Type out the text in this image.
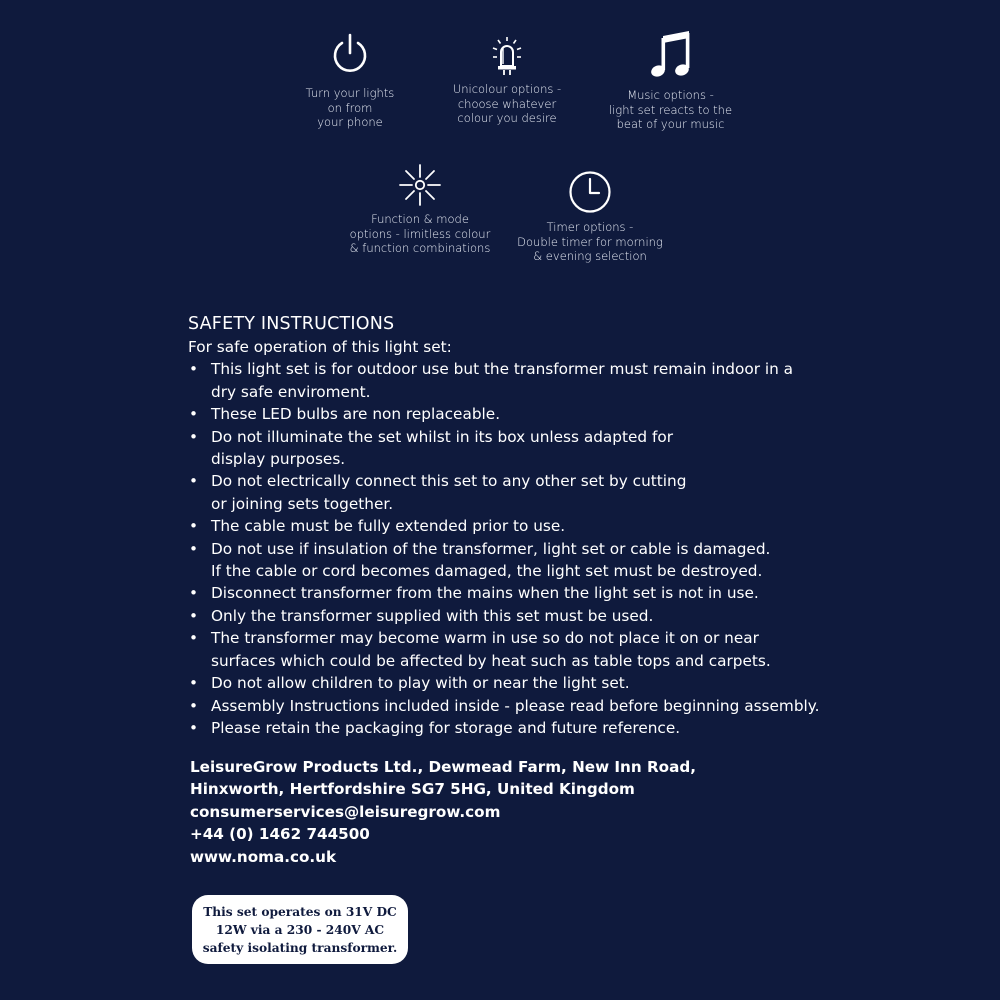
Turn your lights
on from
your phone
Unicolour options -
choose whatever
colour you desire
Music options -
light set reacts to the
beat of your music
Function & mode
options - limitless colour
& function combinations
Timer options -
Double timer for morning
& evening selection
SAFETY INSTRUCTIONS
For safe operation of this light set:
• This light set is for outdoor use but the transformer must remain indoor in a
dry safe enviroment.
• These LED bulbs are non replaceable.
• Do not illuminate the set whilst in its box unless adapted for
display purposes.
• Do not electrically connect this set to any other set by cutting
or joining sets together.
• The cable must be fully extended prior to use.
• Do not use if insulation of the transformer, light set or cable is damaged.
If the cable or cord becomes damaged, the light set must be destroyed.
• Disconnect transformer from the mains when the light set is not in use.
• Only the transformer supplied with this set must be used.
• The transformer may become warm in use so do not place it on or near
surfaces which could be affected by heat such as table tops and carpets.
• Do not allow children to play with or near the light set.
• Assembly Instructions included inside - please read before beginning assembly.
• Please retain the packaging for storage and future reference.
LeisureGrow Products Ltd., Dewmead Farm, New Inn Road,
Hinxworth, Hertfordshire SG7 5HG, United Kingdom
consumerservices@leisuregrow.com
+44 (0) 1462 744500
www.noma.co.uk
This set operates on 31V DC
12W via a 230 - 240V AC
safety isolating transformer.
